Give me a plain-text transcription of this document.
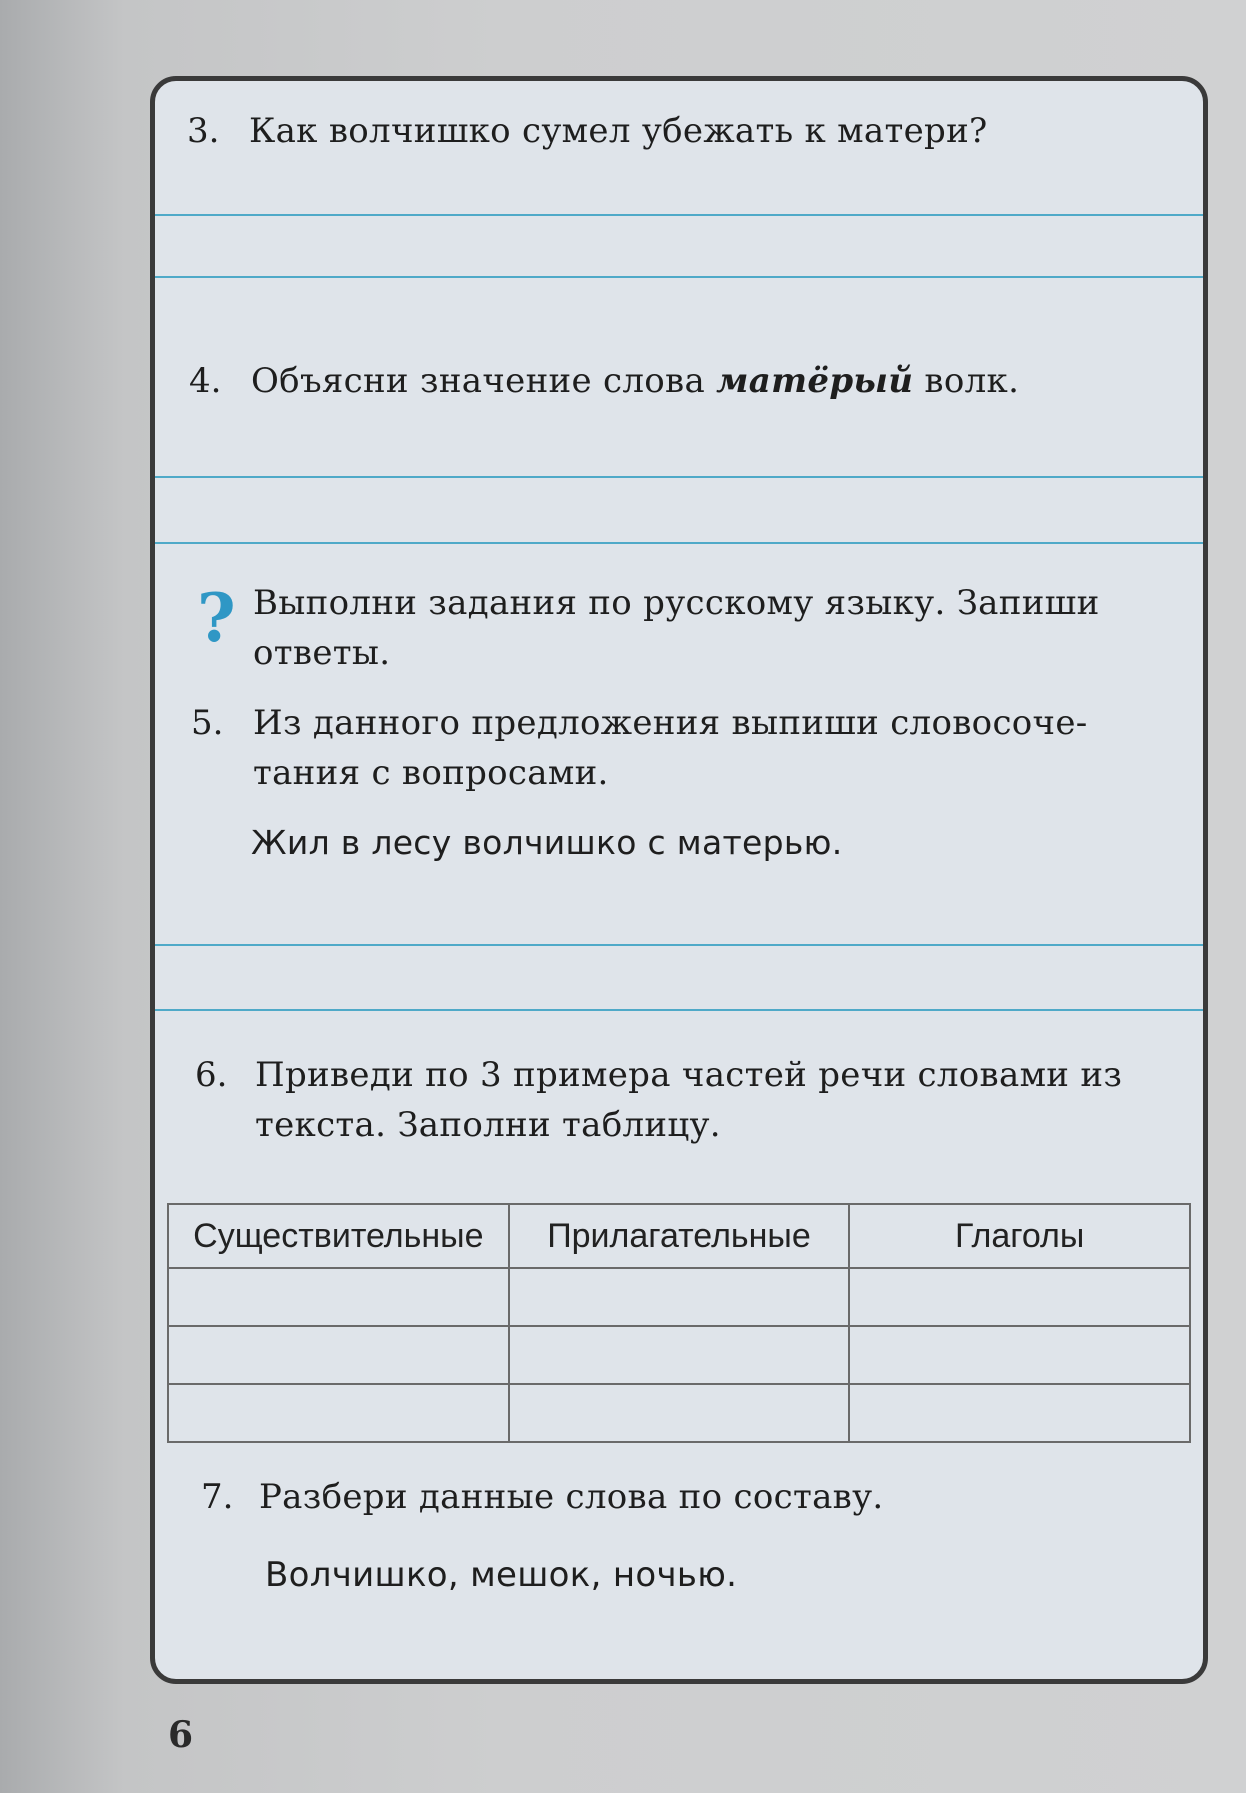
3. Как волчишко сумел убежать к матери?
4. Объясни значение слова матёрый волк.
? Выполни задания по русскому языку. Запиши
ответы.
5. Из данного предложения выпиши словосоче-
тания с вопросами.
Жил в лесу волчишко с матерью.
6. Приведи по 3 примера частей речи словами из
текста. Заполни таблицу.
Существительные	Прилагательные	Глаголы

7. Разбери данные слова по составу.
Волчишко, мешок, ночью.
6
